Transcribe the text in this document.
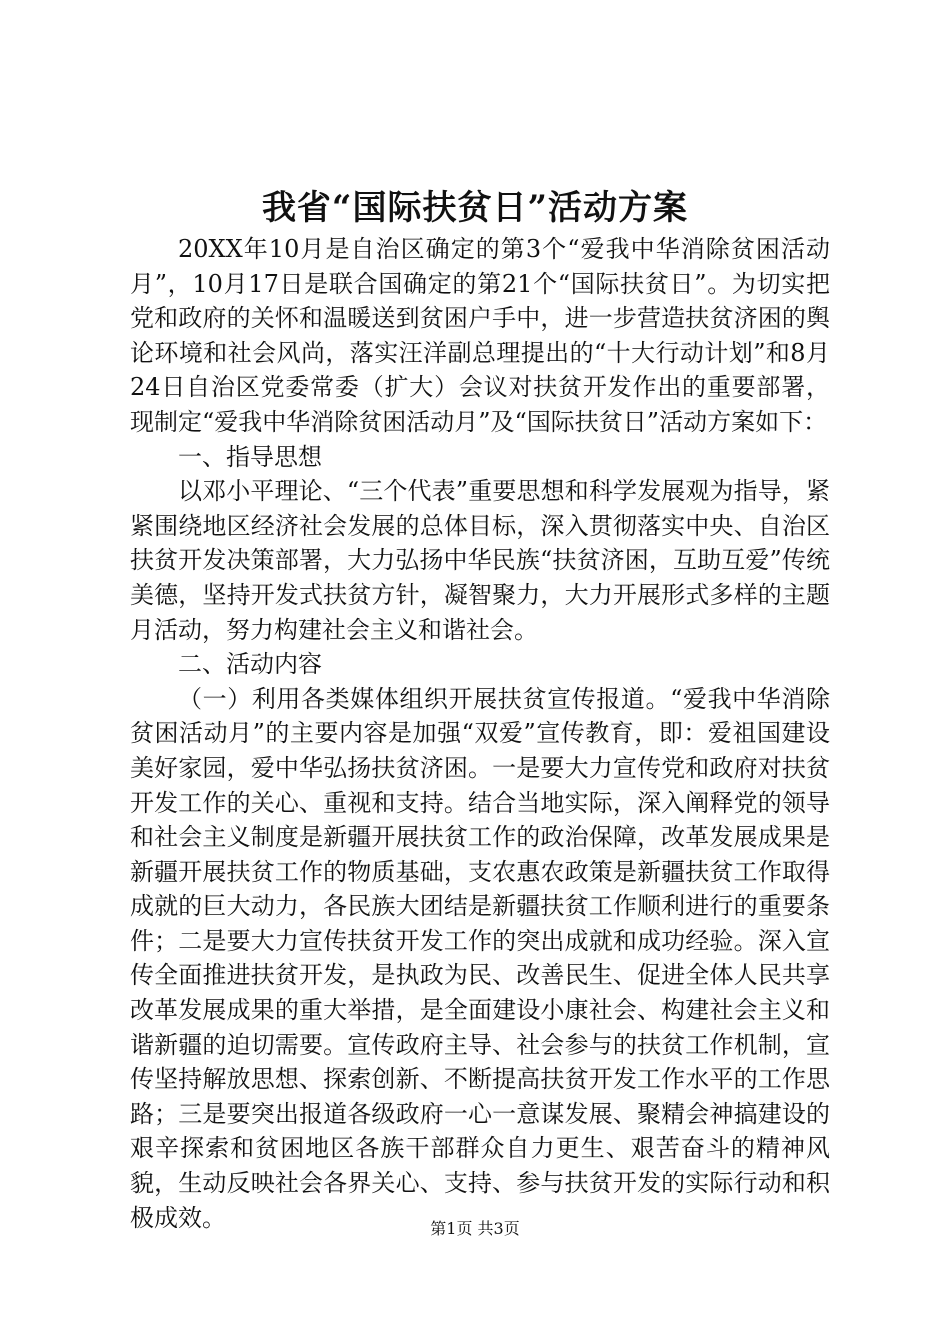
我省“国际扶贫日”活动方案

20XX年10月是自治区确定的第3个“爱我中华消除贫困活动月”，10月17日是联合国确定的第21个“国际扶贫日”。为切实把党和政府的关怀和温暖送到贫困户手中，进一步营造扶贫济困的舆论环境和社会风尚，落实汪洋副总理提出的“十大行动计划”和8月24日自治区党委常委（扩大）会议对扶贫开发作出的重要部署，现制定“爱我中华消除贫困活动月”及“国际扶贫日”活动方案如下：

一、指导思想

以邓小平理论、“三个代表”重要思想和科学发展观为指导，紧紧围绕地区经济社会发展的总体目标，深入贯彻落实中央、自治区扶贫开发决策部署，大力弘扬中华民族“扶贫济困，互助互爱”传统美德，坚持开发式扶贫方针，凝智聚力，大力开展形式多样的主题月活动，努力构建社会主义和谐社会。

二、活动内容

（一）利用各类媒体组织开展扶贫宣传报道。“爱我中华消除贫困活动月”的主要内容是加强“双爱”宣传教育，即：爱祖国建设美好家园，爱中华弘扬扶贫济困。一是要大力宣传党和政府对扶贫开发工作的关心、重视和支持。结合当地实际，深入阐释党的领导和社会主义制度是新疆开展扶贫工作的政治保障，改革发展成果是新疆开展扶贫工作的物质基础，支农惠农政策是新疆扶贫工作取得成就的巨大动力，各民族大团结是新疆扶贫工作顺利进行的重要条件；二是要大力宣传扶贫开发工作的突出成就和成功经验。深入宣传全面推进扶贫开发，是执政为民、改善民生、促进全体人民共享改革发展成果的重大举措，是全面建设小康社会、构建社会主义和谐新疆的迫切需要。宣传政府主导、社会参与的扶贫工作机制，宣传坚持解放思想、探索创新、不断提高扶贫开发工作水平的工作思路；三是要突出报道各级政府一心一意谋发展、聚精会神搞建设的艰辛探索和贫困地区各族干部群众自力更生、艰苦奋斗的精神风貌，生动反映社会各界关心、支持、参与扶贫开发的实际行动和积极成效。	第1页 共3页
